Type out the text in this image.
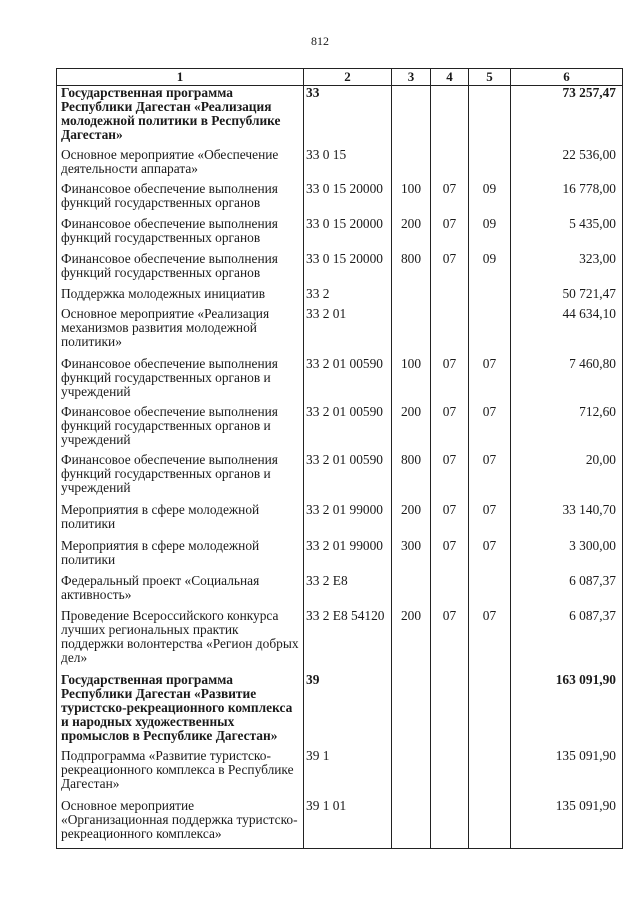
812
1	2	3	4	5	6
Государственная программа Республики Дагестан «Реализация молодежной политики в Республике Дагестан»	33				73 257,47
Основное мероприятие «Обеспечение деятельности аппарата»	33 0 15				22 536,00
Финансовое обеспечение выполнения функций государственных органов	33 0 15 20000	100	07	09	16 778,00
Финансовое обеспечение выполнения функций государственных органов	33 0 15 20000	200	07	09	5 435,00
Финансовое обеспечение выполнения функций государственных органов	33 0 15 20000	800	07	09	323,00
Поддержка молодежных инициатив	33 2				50 721,47
Основное мероприятие «Реализация механизмов развития молодежной политики»	33 2 01				44 634,10
Финансовое обеспечение выполнения функций государственных органов и учреждений	33 2 01 00590	100	07	07	7 460,80
Финансовое обеспечение выполнения функций государственных органов и учреждений	33 2 01 00590	200	07	07	712,60
Финансовое обеспечение выполнения функций государственных органов и учреждений	33 2 01 00590	800	07	07	20,00
Мероприятия в сфере молодежной политики	33 2 01 99000	200	07	07	33 140,70
Мероприятия в сфере молодежной политики	33 2 01 99000	300	07	07	3 300,00
Федеральный проект «Социальная активность»	33 2 E8				6 087,37
Проведение Всероссийского конкурса лучших региональных практик поддержки волонтерства «Регион добрых дел»	33 2 E8 54120	200	07	07	6 087,37
Государственная программа Республики Дагестан «Развитие туристско-рекреационного комплекса и народных художественных промыслов в Республике Дагестан»	39				163 091,90
Подпрограмма «Развитие туристско-рекреационного комплекса в Республике Дагестан»	39 1				135 091,90
Основное мероприятие «Организационная поддержка туристско-рекреационного комплекса»	39 1 01				135 091,90
